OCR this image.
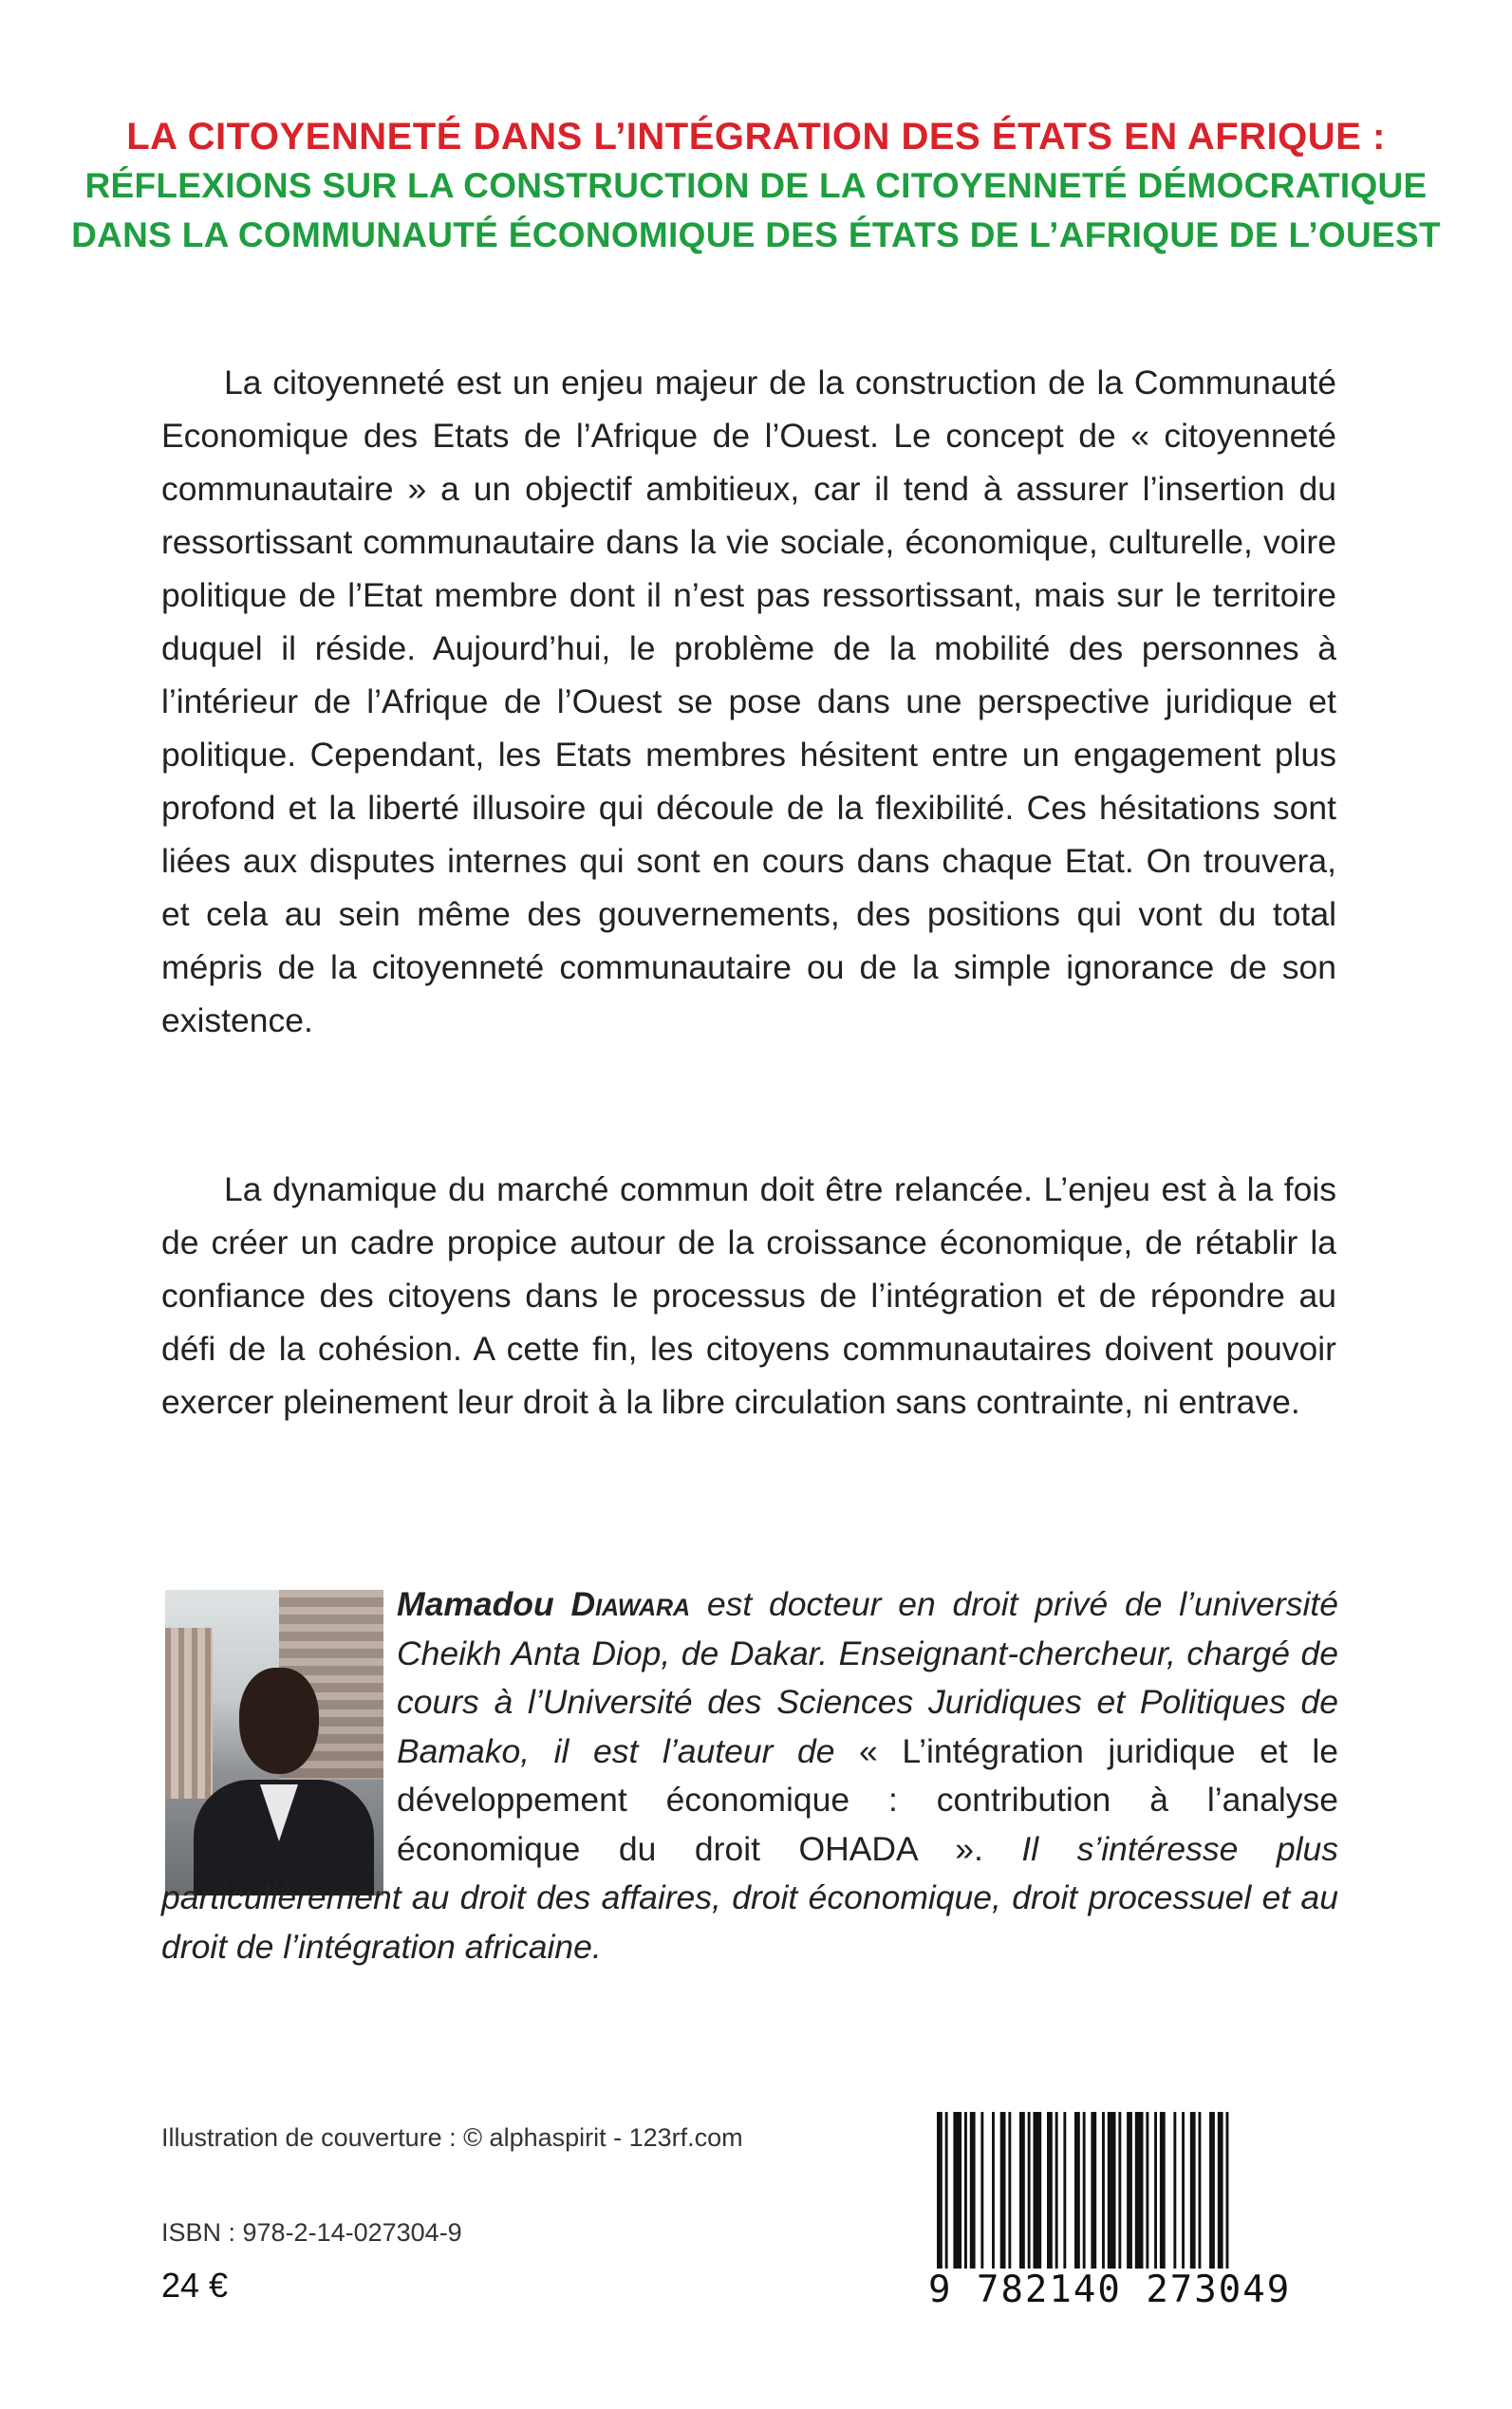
LA CITOYENNETÉ DANS L’INTÉGRATION DES ÉTATS EN AFRIQUE :
RÉFLEXIONS SUR LA CONSTRUCTION DE LA CITOYENNETÉ DÉMOCRATIQUE
DANS LA COMMUNAUTÉ ÉCONOMIQUE DES ÉTATS DE L’AFRIQUE DE L’OUEST
La citoyenneté est un enjeu majeur de la construction de la Communauté Economique des Etats de l’Afrique de l’Ouest. Le concept de « citoyenneté communautaire » a un objectif ambitieux, car il tend à assurer l’insertion du ressortissant communautaire dans la vie sociale, économique, culturelle, voire politique de l’Etat membre dont il n’est pas ressortissant, mais sur le territoire duquel il réside. Aujourd’hui, le problème de la mobilité des personnes à l’intérieur de l’Afrique de l’Ouest se pose dans une perspective juridique et politique. Cependant, les Etats membres hésitent entre un engagement plus profond et la liberté illusoire qui découle de la flexibilité. Ces hésitations sont liées aux disputes internes qui sont en cours dans chaque Etat. On trouvera, et cela au sein même des gouvernements, des positions qui vont du total mépris de la citoyenneté communautaire ou de la simple ignorance de son existence.
La dynamique du marché commun doit être relancée. L’enjeu est à la fois de créer un cadre propice autour de la croissance économique, de rétablir la confiance des citoyens dans le processus de l’intégration et de répondre au défi de la cohésion. A cette fin, les citoyens communautaires doivent pouvoir exercer pleinement leur droit à la libre circulation sans contrainte, ni entrave.
Mamadou Diawara est docteur en droit privé de l’université Cheikh Anta Diop, de Dakar. Enseignant-chercheur, chargé de cours à l’Université des Sciences Juridiques et Politiques de Bamako, il est l’auteur de « L’intégration juridique et le développement économique : contribution à l’analyse économique du droit OHADA ». Il s’intéresse plus particulièrement au droit des affaires, droit économique, droit processuel et au droit de l’intégration africaine.
Illustration de couverture : © alphaspirit - 123rf.com
ISBN : 978-2-14-027304-9
24 €	9 782140 273049
